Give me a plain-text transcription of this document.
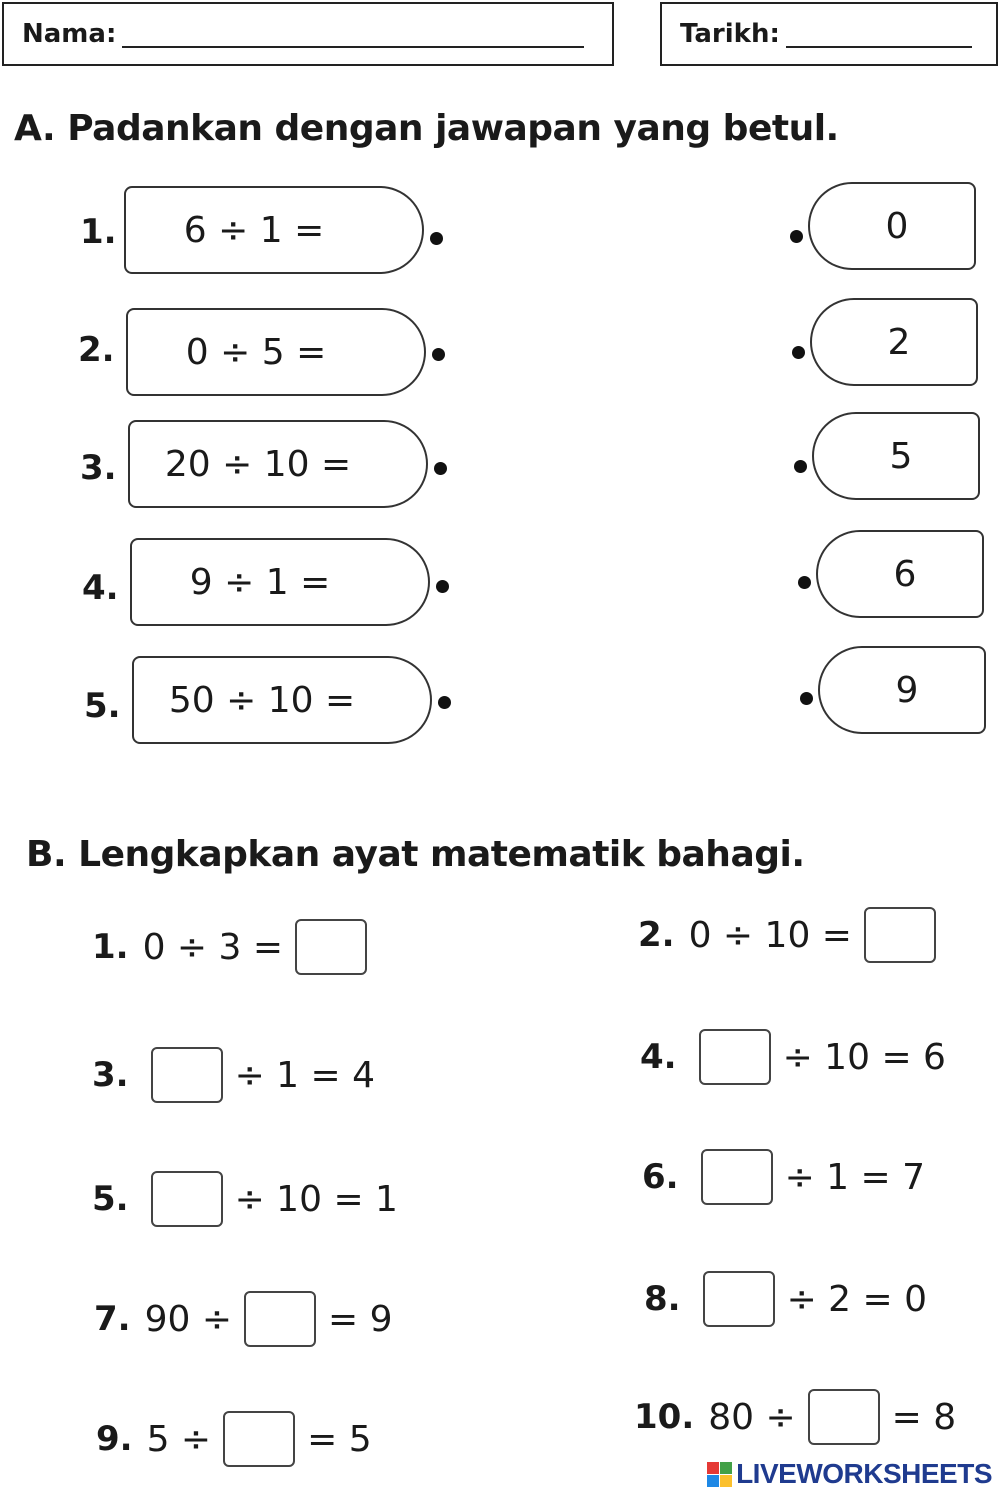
Nama:	Tarikh:
A. Padankan dengan jawapan yang betul.
1. 6 ÷ 1 =
2. 0 ÷ 5 =
3. 20 ÷ 10 =
4. 9 ÷ 1 =
5. 50 ÷ 10 =
0
2
5
6
9
B. Lengkapkan ayat matematik bahagi.
1. 0 ÷ 3 =	2. 0 ÷ 10 =
3.	÷ 1 = 4	4.	÷ 10 = 6
5.	÷ 10 = 1
6.	÷ 1 = 7
7. 90 ÷	= 9	8.	÷ 2 = 0
9. 5 ÷	= 5
10. 80 ÷	= 8
LIVEWORKSHEETS
